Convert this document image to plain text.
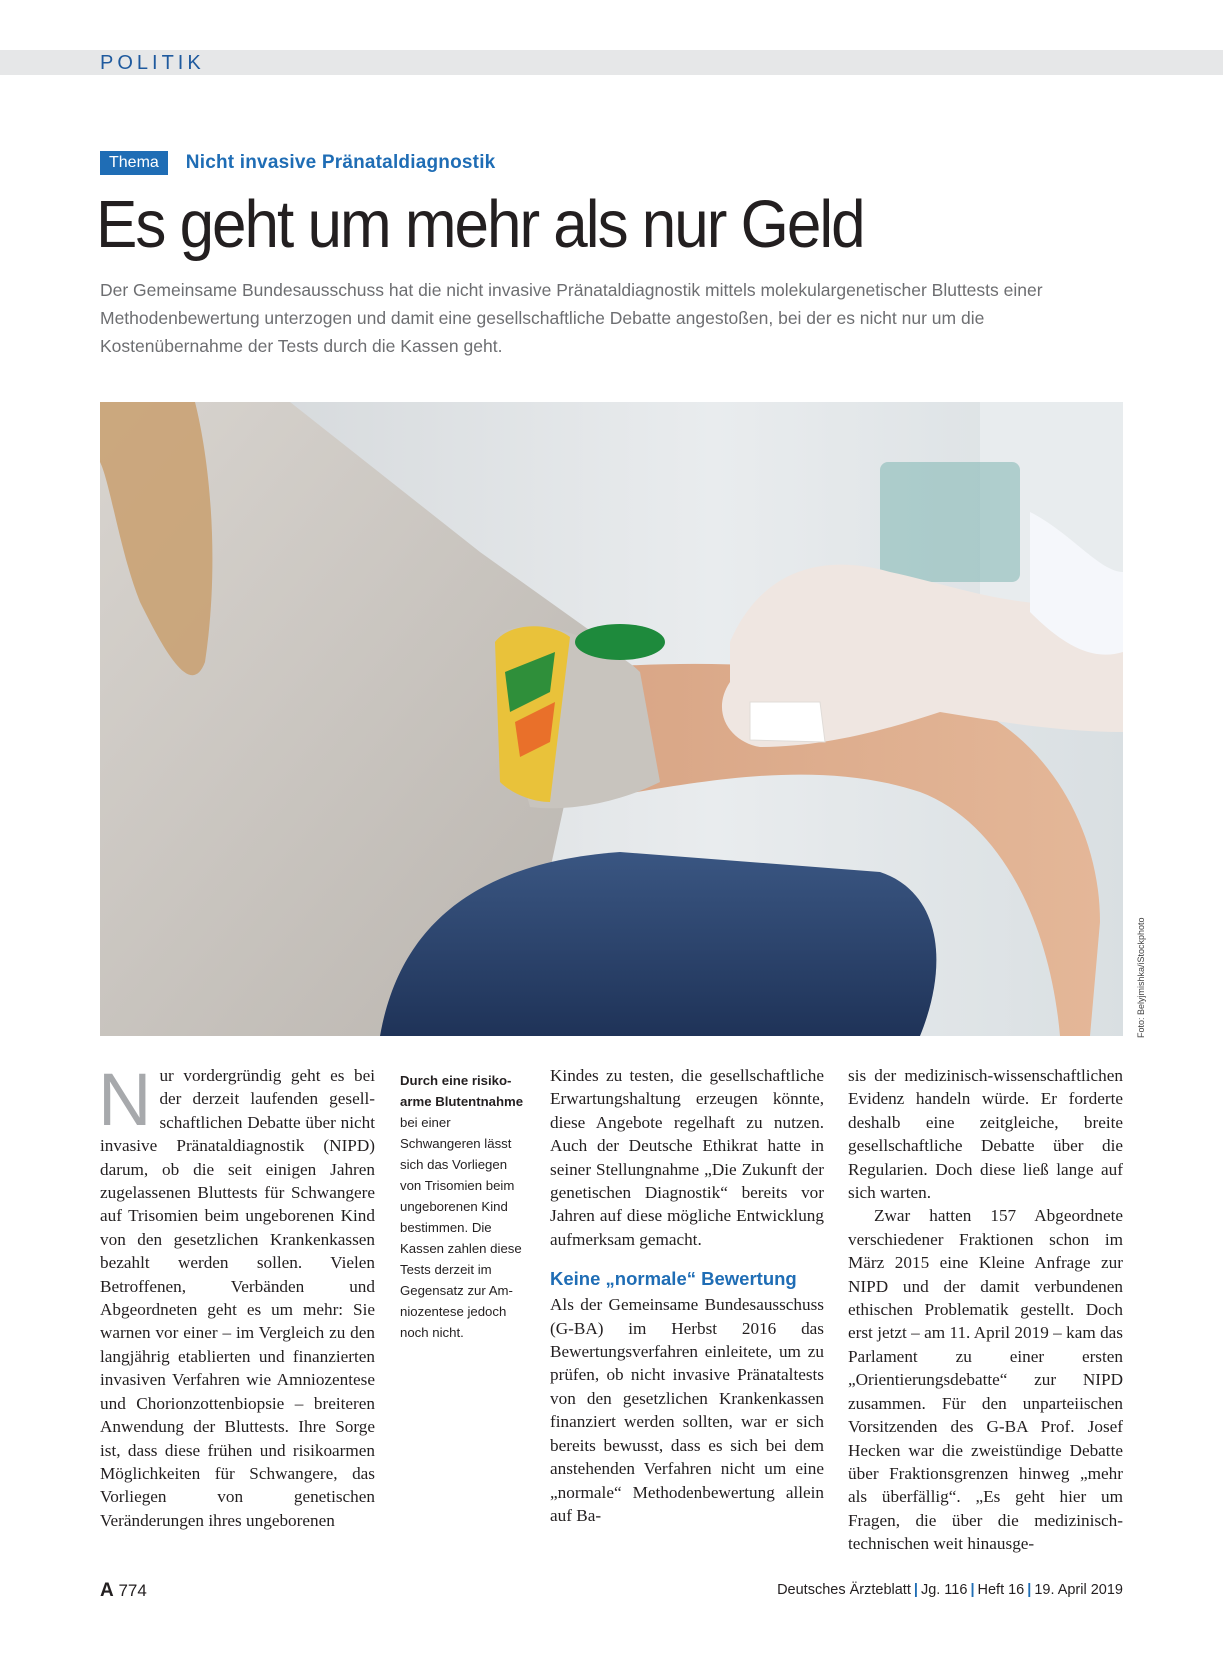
POLITIK
Thema	Nicht invasive Pränataldiagnostik
Es geht um mehr als nur Geld

Der Gemeinsame Bundesausschuss hat die nicht invasive Pränataldiagnostik mittels molekulargenetischer Bluttests einer Methodenbewertung unterzogen und damit eine gesellschaftliche Debatte angestoßen, bei der es nicht nur um die Kostenübernahme der Tests durch die Kassen geht.

Foto: Belyjmishka/iStockphoto

Nur vordergründig geht es bei der derzeit laufenden gesellschaftlichen Debatte über nicht invasive Pränataldiagnostik (NIPD) darum, ob die seit einigen Jahren zugelassenen Bluttests für Schwangere auf Trisomien beim ungeborenen Kind von den gesetzlichen Krankenkassen bezahlt werden sollen. Vielen Betroffenen, Verbänden und Abgeordneten geht es um mehr: Sie warnen vor einer – im Vergleich zu den langjährig etablierten und finanzierten invasiven Verfahren wie Amniozentese und Chorionzottenbiopsie – breiteren Anwendung der Bluttests. Ihre Sorge ist, dass diese frühen und risikoarmen Möglichkeiten für Schwangere, das Vorliegen von genetischen Veränderungen ihres ungeborenen

Durch eine risikoarme Blutentnahme bei einer Schwangeren lässt sich das Vorliegen von Trisomien beim ungeborenen Kind bestimmen. Die Kassen zahlen diese Tests derzeit im Gegensatz zur Amniozentese jedoch noch nicht.

Kindes zu testen, die gesellschaftliche Erwartungshaltung erzeugen könnte, diese Angebote regelhaft zu nutzen. Auch der Deutsche Ethikrat hatte in seiner Stellungnahme „Die Zukunft der genetischen Diagnostik“ bereits vor Jahren auf diese mögliche Entwicklung aufmerksam gemacht.

Keine „normale“ Bewertung

Als der Gemeinsame Bundesausschuss (G-BA) im Herbst 2016 das Bewertungsverfahren einleitete, um zu prüfen, ob nicht invasive Pränataltests von den gesetzlichen Krankenkassen finanziert werden sollten, war er sich bereits bewusst, dass es sich bei dem anstehenden Verfahren nicht um eine „normale“ Methodenbewertung allein auf Ba-

sis der medizinisch-wissenschaftlichen Evidenz handeln würde. Er forderte deshalb eine zeitgleiche, breite gesellschaftliche Debatte über die Regularien. Doch diese ließ lange auf sich warten.

Zwar hatten 157 Abgeordnete verschiedener Fraktionen schon im März 2015 eine Kleine Anfrage zur NIPD und der damit verbundenen ethischen Problematik gestellt. Doch erst jetzt – am 11. April 2019 – kam das Parlament zu einer ersten „Orientierungsdebatte“ zur NIPD zusammen. Für den unparteiischen Vorsitzenden des G-BA Prof. Josef Hecken war die zweistündige Debatte über Fraktionsgrenzen hinweg „mehr als überfällig“. „Es geht hier um Fragen, die über die medizinisch-technischen weit hinausge-

A 774	Deutsches Ärzteblatt | Jg. 116 | Heft 16 | 19. April 2019
